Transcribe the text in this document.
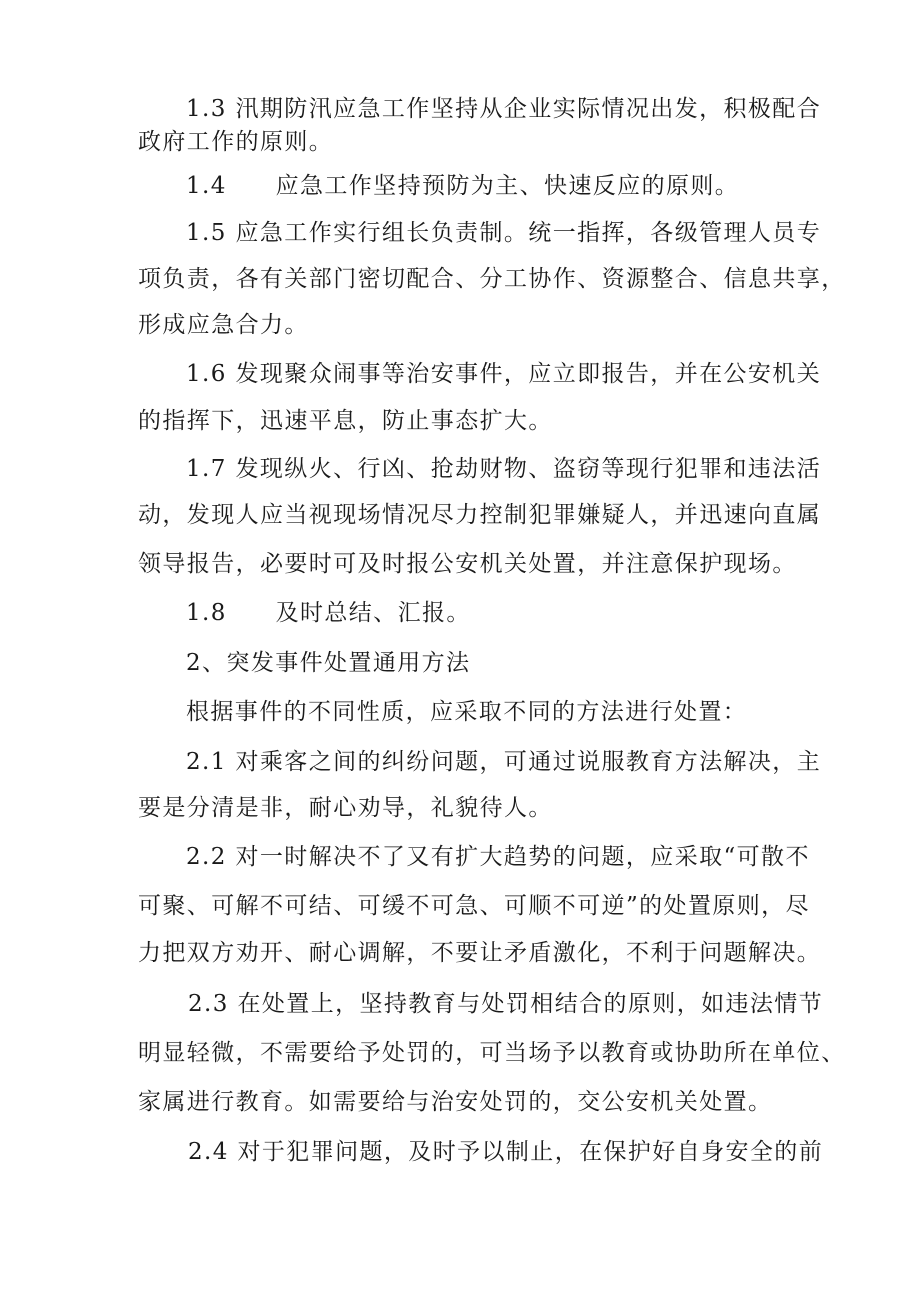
1.3 汛期防汛应急工作坚持从企业实际情况出发，积极配合
政府工作的原则。
1.4　　应急工作坚持预防为主、快速反应的原则。
1.5 应急工作实行组长负责制。统一指挥，各级管理人员专
项负责，各有关部门密切配合、分工协作、资源整合、信息共享，
形成应急合力。
1.6 发现聚众闹事等治安事件，应立即报告，并在公安机关
的指挥下，迅速平息，防止事态扩大。
1.7 发现纵火、行凶、抢劫财物、盗窃等现行犯罪和违法活
动，发现人应当视现场情况尽力控制犯罪嫌疑人，并迅速向直属
领导报告，必要时可及时报公安机关处置，并注意保护现场。
1.8　　及时总结、汇报。
2、突发事件处置通用方法
根据事件的不同性质，应采取不同的方法进行处置：
2.1 对乘客之间的纠纷问题，可通过说服教育方法解决，主
要是分清是非，耐心劝导，礼貌待人。
2.2 对一时解决不了又有扩大趋势的问题，应采取“可散不
可聚、可解不可结、可缓不可急、可顺不可逆”的处置原则，尽
力把双方劝开、耐心调解，不要让矛盾激化，不利于问题解决。
2.3 在处置上，坚持教育与处罚相结合的原则，如违法情节
明显轻微，不需要给予处罚的，可当场予以教育或协助所在单位、
家属进行教育。如需要给与治安处罚的，交公安机关处置。
2.4 对于犯罪问题，及时予以制止，在保护好自身安全的前
